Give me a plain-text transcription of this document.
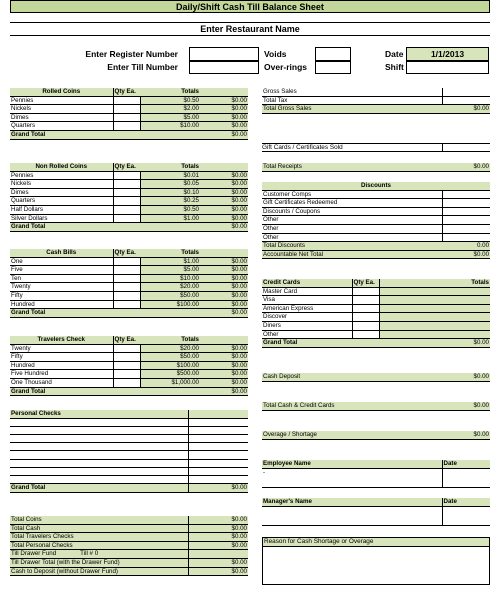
Daily/Shift Cash Till Balance Sheet
Enter Restaurant Name
Enter Register Number
Enter Till Number
Voids
Over-rings
Date	1/1/2013
Shift
Rolled Coins	Qty Ea.	Totals	
Pennies		$0.50	$0.00
Nickels		$2.00	$0.00
Dimes		$5.00	$0.00
Quarters		$10.00	$0.00
Grand Total			$0.00
Non Rolled Coins	Qty Ea.	Totals	
Pennies		$0.01	$0.00
Nickels		$0.05	$0.00
Dimes		$0.10	$0.00
Quarters		$0.25	$0.00
Half Dollars		$0.50	$0.00
Silver Dollars		$1.00	$0.00
Grand Total			$0.00
Cash Bills	Qty Ea.	Totals	
One		$1.00	$0.00
Five		$5.00	$0.00
Ten		$10.00	$0.00
Twenty		$20.00	$0.00
Fifty		$50.00	$0.00
Hundred		$100.00	$0.00
Grand Total			$0.00
Travelers Check	Qty Ea.	Totals	
Twenty		$20.00	$0.00
Fifty		$50.00	$0.00
Hundred		$100.00	$0.00
Five Hundred		$500.00	$0.00
One Thousand		$1,000.00	$0.00
Grand Total			$0.00
Personal Checks	

Grand Total	$0.00
Total Coins	$0.00
Total Cash	$0.00
Total Travelers Checks	$0.00
Total Personal Checks	$0.00
Till Drawer Fund Till # 0	
Till Drawer Total (with the Drawer Fund)	$0.00
Cash to Deposit (without Drawer Fund)	$0.00
Gross Sales	
Total Tax	
Total Gross Sales	$0.00
Gift Cards / Certificates Sold
Total Receipts	$0.00
Discounts	
Customer Comps	
Gift Certificates Redeemed	
Discounts / Coupons	
Other	
Other	
Other	
Total Discounts	0.00
Accountable Net Total	$0.00
Credit Cards	Qty Ea.		Totals
Master Card			
Visa			
American Express			
Discover			
Diners			
Other			
Grand Total			$0.00
Cash Deposit	$0.00
Total Cash & Credit Cards	$0.00
Overage / Shortage	$0.00
Employee Name	Date
-	
Manager's Name	Date

Reason for Cash Shortage or Overage
